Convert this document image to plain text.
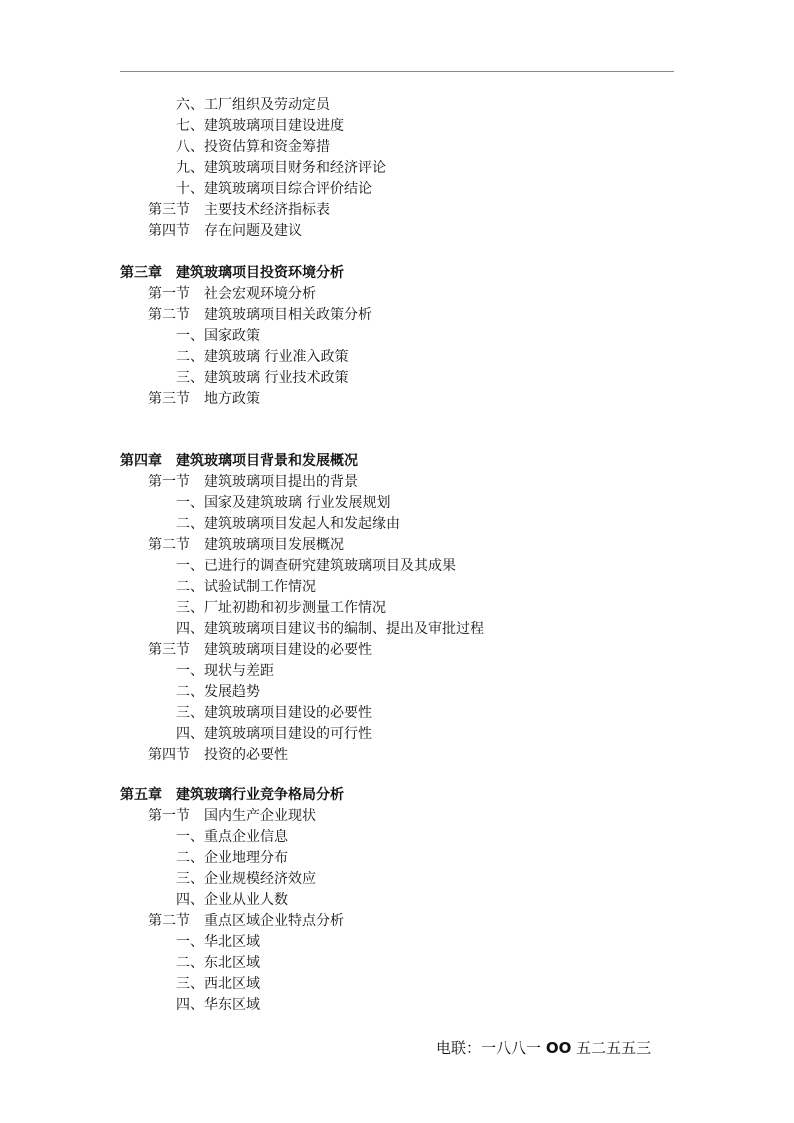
六、工厂组织及劳动定员
七、建筑玻璃项目建设进度
八、投资估算和资金筹措
九、建筑玻璃项目财务和经济评论
十、建筑玻璃项目综合评价结论
第三节　主要技术经济指标表
第四节　存在问题及建议
第三章　建筑玻璃项目投资环境分析
第一节　社会宏观环境分析
第二节　建筑玻璃项目相关政策分析
一、国家政策
二、建筑玻璃 行业准入政策
三、建筑玻璃 行业技术政策
第三节　地方政策
第四章　建筑玻璃项目背景和发展概况
第一节　建筑玻璃项目提出的背景
一、国家及建筑玻璃 行业发展规划
二、建筑玻璃项目发起人和发起缘由
第二节　建筑玻璃项目发展概况
一、已进行的调查研究建筑玻璃项目及其成果
二、试验试制工作情况
三、厂址初勘和初步测量工作情况
四、建筑玻璃项目建议书的编制、提出及审批过程
第三节　建筑玻璃项目建设的必要性
一、现状与差距
二、发展趋势
三、建筑玻璃项目建设的必要性
四、建筑玻璃项目建设的可行性
第四节　投资的必要性
第五章　建筑玻璃行业竞争格局分析
第一节　国内生产企业现状
一、重点企业信息
二、企业地理分布
三、企业规模经济效应
四、企业从业人数
第二节　重点区域企业特点分析
一、华北区域
二、东北区域
三、西北区域
四、华东区域
电联：一八八一 OO 五二五五三
